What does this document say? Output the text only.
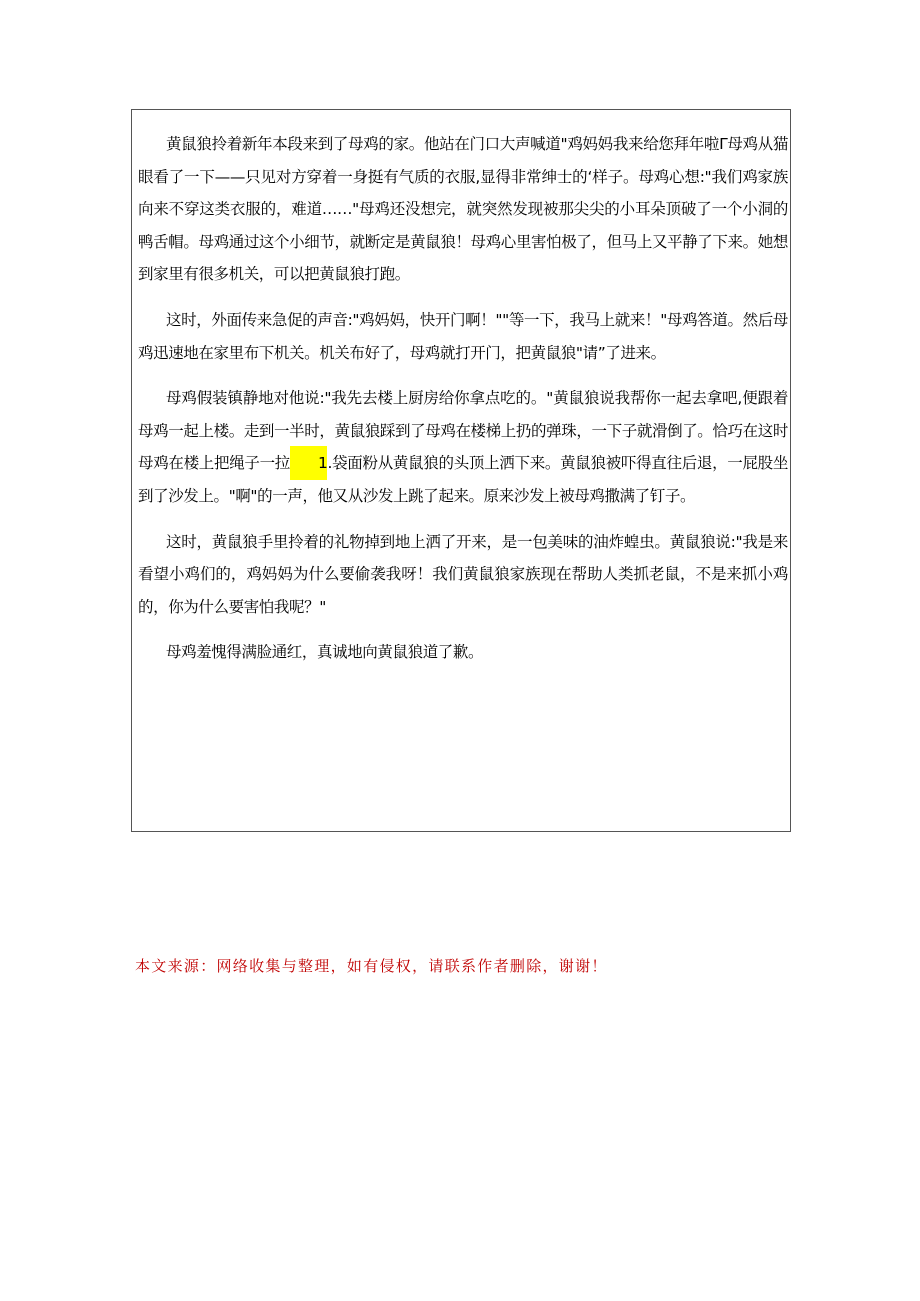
黄鼠狼拎着新年本段来到了母鸡的家。他站在门口大声喊道"鸡妈妈我来给您拜年啦Γ母鸡从猫眼看了一下——只见对方穿着一身挺有气质的衣服,显得非常绅士的‘样子。母鸡心想:"我们鸡家族向来不穿这类衣服的，难道……"母鸡还没想完，就突然发现被那尖尖的小耳朵顶破了一个小洞的鸭舌帽。母鸡通过这个小细节，就断定是黄鼠狼！母鸡心里害怕极了，但马上又平静了下来。她想到家里有很多机关，可以把黄鼠狼打跑。

这时，外面传来急促的声音:"鸡妈妈，快开门啊！""等一下，我马上就来！"母鸡答道。然后母鸡迅速地在家里布下机关。机关布好了，母鸡就打开门，把黄鼠狼"请”了进来。

母鸡假装镇静地对他说:"我先去楼上厨房给你拿点吃的。"黄鼠狼说我帮你一起去拿吧,便跟着母鸡一起上楼。走到一半时，黄鼠狼踩到了母鸡在楼梯上扔的弹珠，一下子就滑倒了。恰巧在这时母鸡在楼上把绳子一拉 1.袋面粉从黄鼠狼的头顶上洒下来。黄鼠狼被吓得直往后退，一屁股坐到了沙发上。"啊"的一声，他又从沙发上跳了起来。原来沙发上被母鸡撒满了钉子。

这时，黄鼠狼手里拎着的礼物掉到地上洒了开来，是一包美味的油炸蝗虫。黄鼠狼说:"我是来看望小鸡们的，鸡妈妈为什么要偷袭我呀！我们黄鼠狼家族现在帮助人类抓老鼠，不是来抓小鸡的，你为什么要害怕我呢？"

母鸡羞愧得满脸通红，真诚地向黄鼠狼道了歉。

本文来源：网络收集与整理，如有侵权，请联系作者删除，谢谢！
